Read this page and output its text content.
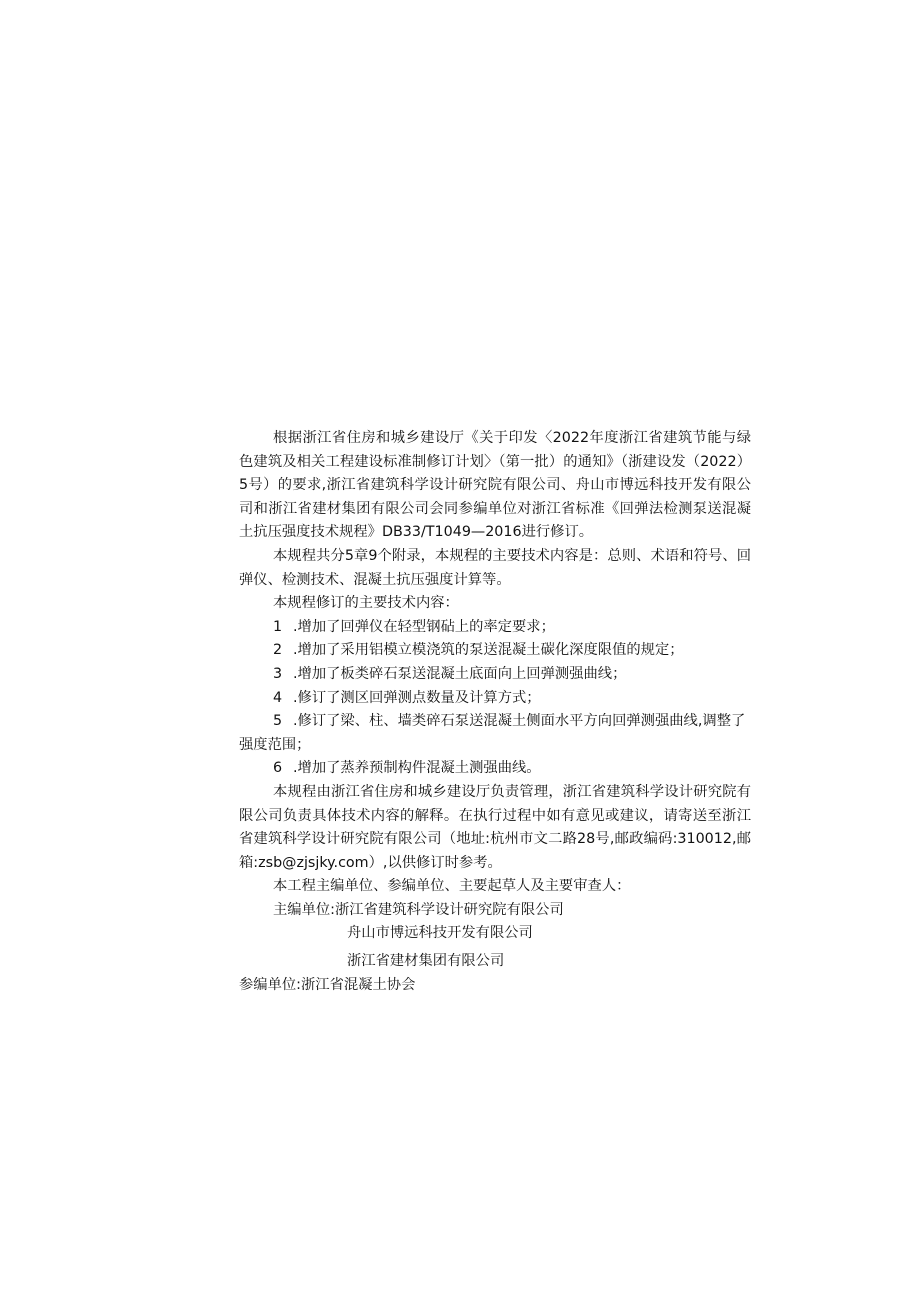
根据浙江省住房和城乡建设厅《关于印发〈2022年度浙江省建筑节能与绿色建筑及相关工程建设标准制修订计划〉（第一批）的通知》（浙建设发（2022）5号）的要求,浙江省建筑科学设计研究院有限公司、舟山市博远科技开发有限公司和浙江省建材集团有限公司会同参编单位对浙江省标准《回弹法检测泵送混凝土抗压强度技术规程》DB33/T1049—2016进行修订。

本规程共分5章9个附录，本规程的主要技术内容是：总则、术语和符号、回弹仪、检测技术、混凝土抗压强度计算等。

本规程修订的主要技术内容：

1 .增加了回弹仪在轻型钢砧上的率定要求；

2 .增加了采用铝模立模浇筑的泵送混凝土碳化深度限值的规定；

3 .增加了板类碎石泵送混凝土底面向上回弹测强曲线；

4 .修订了测区回弹测点数量及计算方式；

5 .修订了梁、柱、墙类碎石泵送混凝土侧面水平方向回弹测强曲线,调整了强度范围；

6 .增加了蒸养预制构件混凝土测强曲线。

本规程由浙江省住房和城乡建设厅负责管理，浙江省建筑科学设计研究院有限公司负责具体技术内容的解释。在执行过程中如有意见或建议，请寄送至浙江省建筑科学设计研究院有限公司（地址:杭州市文二路28号,邮政编码:310012,邮箱:zsb@zjsjky.com）,以供修订时参考。

本工程主编单位、参编单位、主要起草人及主要审查人：

主编单位:浙江省建筑科学设计研究院有限公司

舟山市博远科技开发有限公司

浙江省建材集团有限公司

参编单位:浙江省混凝土协会
